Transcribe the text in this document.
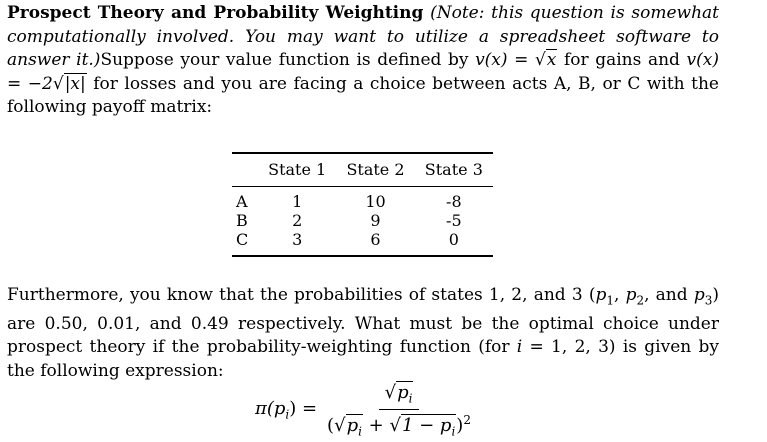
Prospect Theory and Probability Weighting (Note: this question is somewhat computationally involved. You may want to utilize a spreadsheet software to answer it.)Suppose your value function is defined by v(x) = √x for gains and v(x) = −2√|x| for losses and you are facing a choice between acts A, B, or C with the following payoff matrix:
	State 1	State 2	State 3
A	1	10	-8
B	2	9	-5
C	3	6	0
Furthermore, you know that the probabilities of states 1, 2, and 3 ($p_1$, $p_2$, and $p_3$) are 0.50, 0.01, and 0.49 respectively. What must be the optimal choice under prospect theory if the probability-weighting function (for i = 1, 2, 3) is given by the following expression:
$\pi(p_i) = \frac{√p_i}{(√p_i + √1 - p_i)^2}$
